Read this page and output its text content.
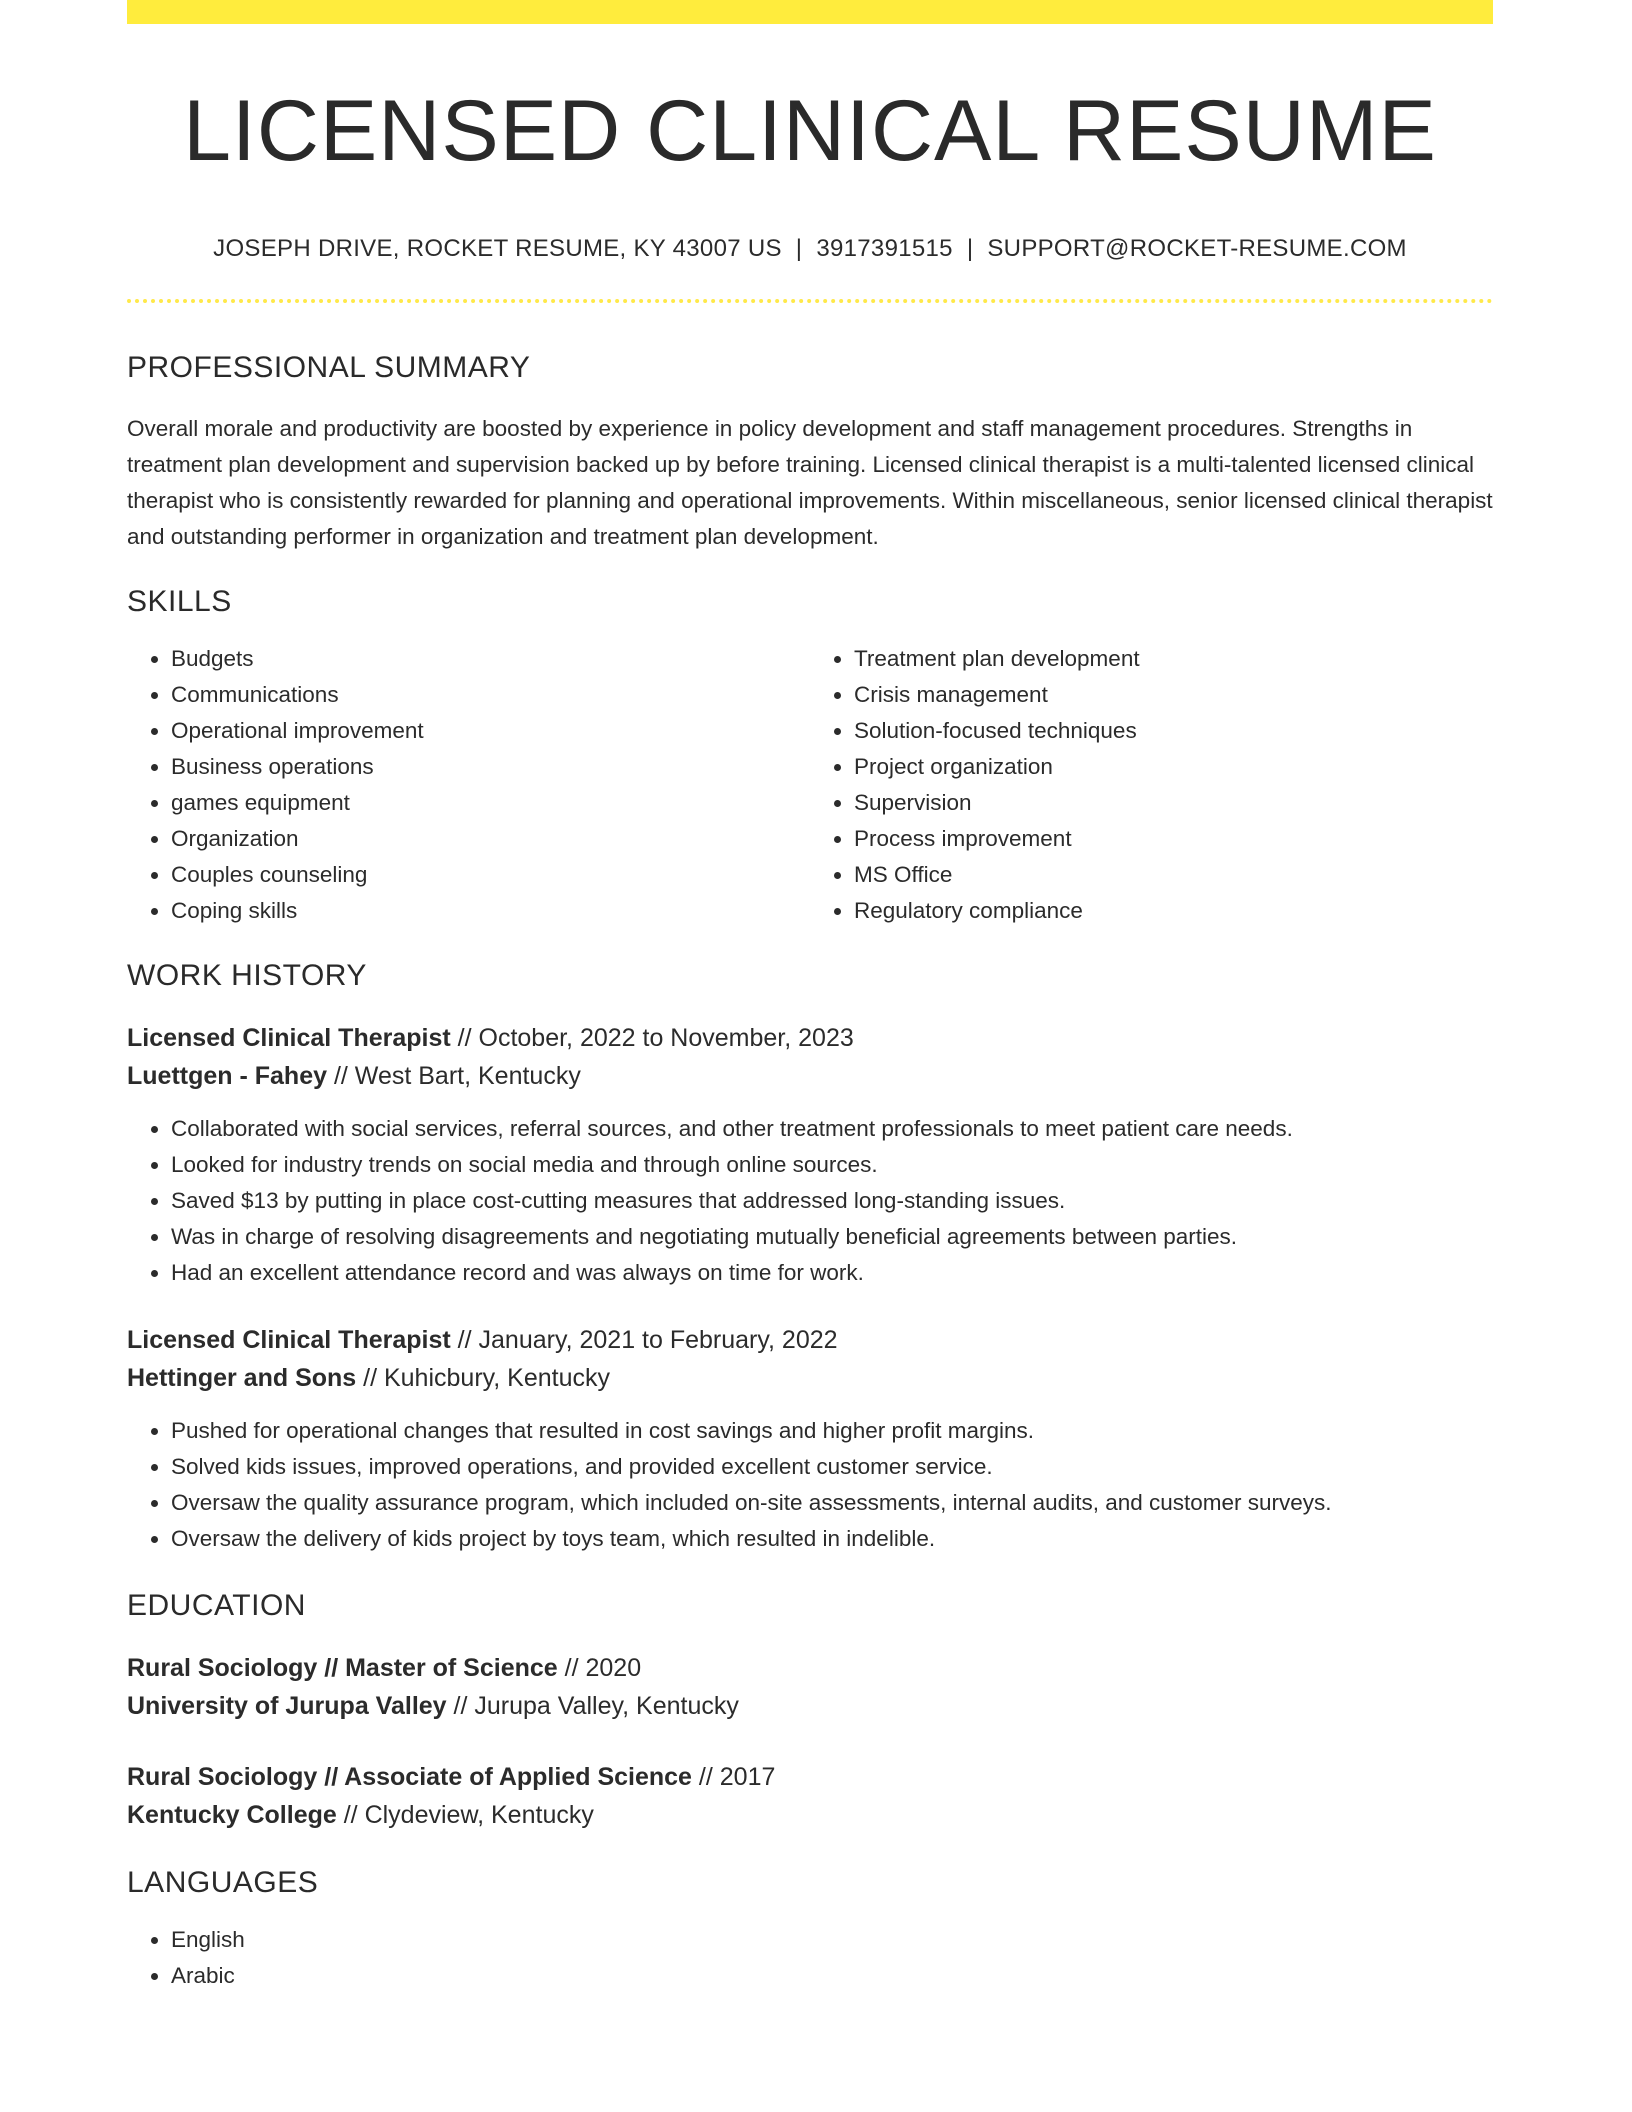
LICENSED CLINICAL RESUME
JOSEPH DRIVE, ROCKET RESUME, KY 43007 US | 3917391515 | SUPPORT@ROCKET-RESUME.COM
PROFESSIONAL SUMMARY

Overall morale and productivity are boosted by experience in policy development and staff management procedures. Strengths in treatment plan development and supervision backed up by before training. Licensed clinical therapist is a multi-talented licensed clinical therapist who is consistently rewarded for planning and operational improvements. Within miscellaneous, senior licensed clinical therapist and outstanding performer in organization and treatment plan development.

SKILLS
• Budgets
• Communications
• Operational improvement
• Business operations
• games equipment
• Organization
• Couples counseling
• Coping skills
• Treatment plan development
• Crisis management
• Solution-focused techniques
• Project organization
• Supervision
• Process improvement
• MS Office
• Regulatory compliance
WORK HISTORY
Licensed Clinical Therapist // October, 2022 to November, 2023
Luettgen - Fahey // West Bart, Kentucky
• Collaborated with social services, referral sources, and other treatment professionals to meet patient care needs.
• Looked for industry trends on social media and through online sources.
• Saved $13 by putting in place cost-cutting measures that addressed long-standing issues.
• Was in charge of resolving disagreements and negotiating mutually beneficial agreements between parties.
• Had an excellent attendance record and was always on time for work.
Licensed Clinical Therapist // January, 2021 to February, 2022
Hettinger and Sons // Kuhicbury, Kentucky
• Pushed for operational changes that resulted in cost savings and higher profit margins.
• Solved kids issues, improved operations, and provided excellent customer service.
• Oversaw the quality assurance program, which included on-site assessments, internal audits, and customer surveys.
• Oversaw the delivery of kids project by toys team, which resulted in indelible.
EDUCATION
Rural Sociology // Master of Science // 2020
University of Jurupa Valley // Jurupa Valley, Kentucky
Rural Sociology // Associate of Applied Science // 2017
Kentucky College // Clydeview, Kentucky
LANGUAGES
• English
• Arabic
